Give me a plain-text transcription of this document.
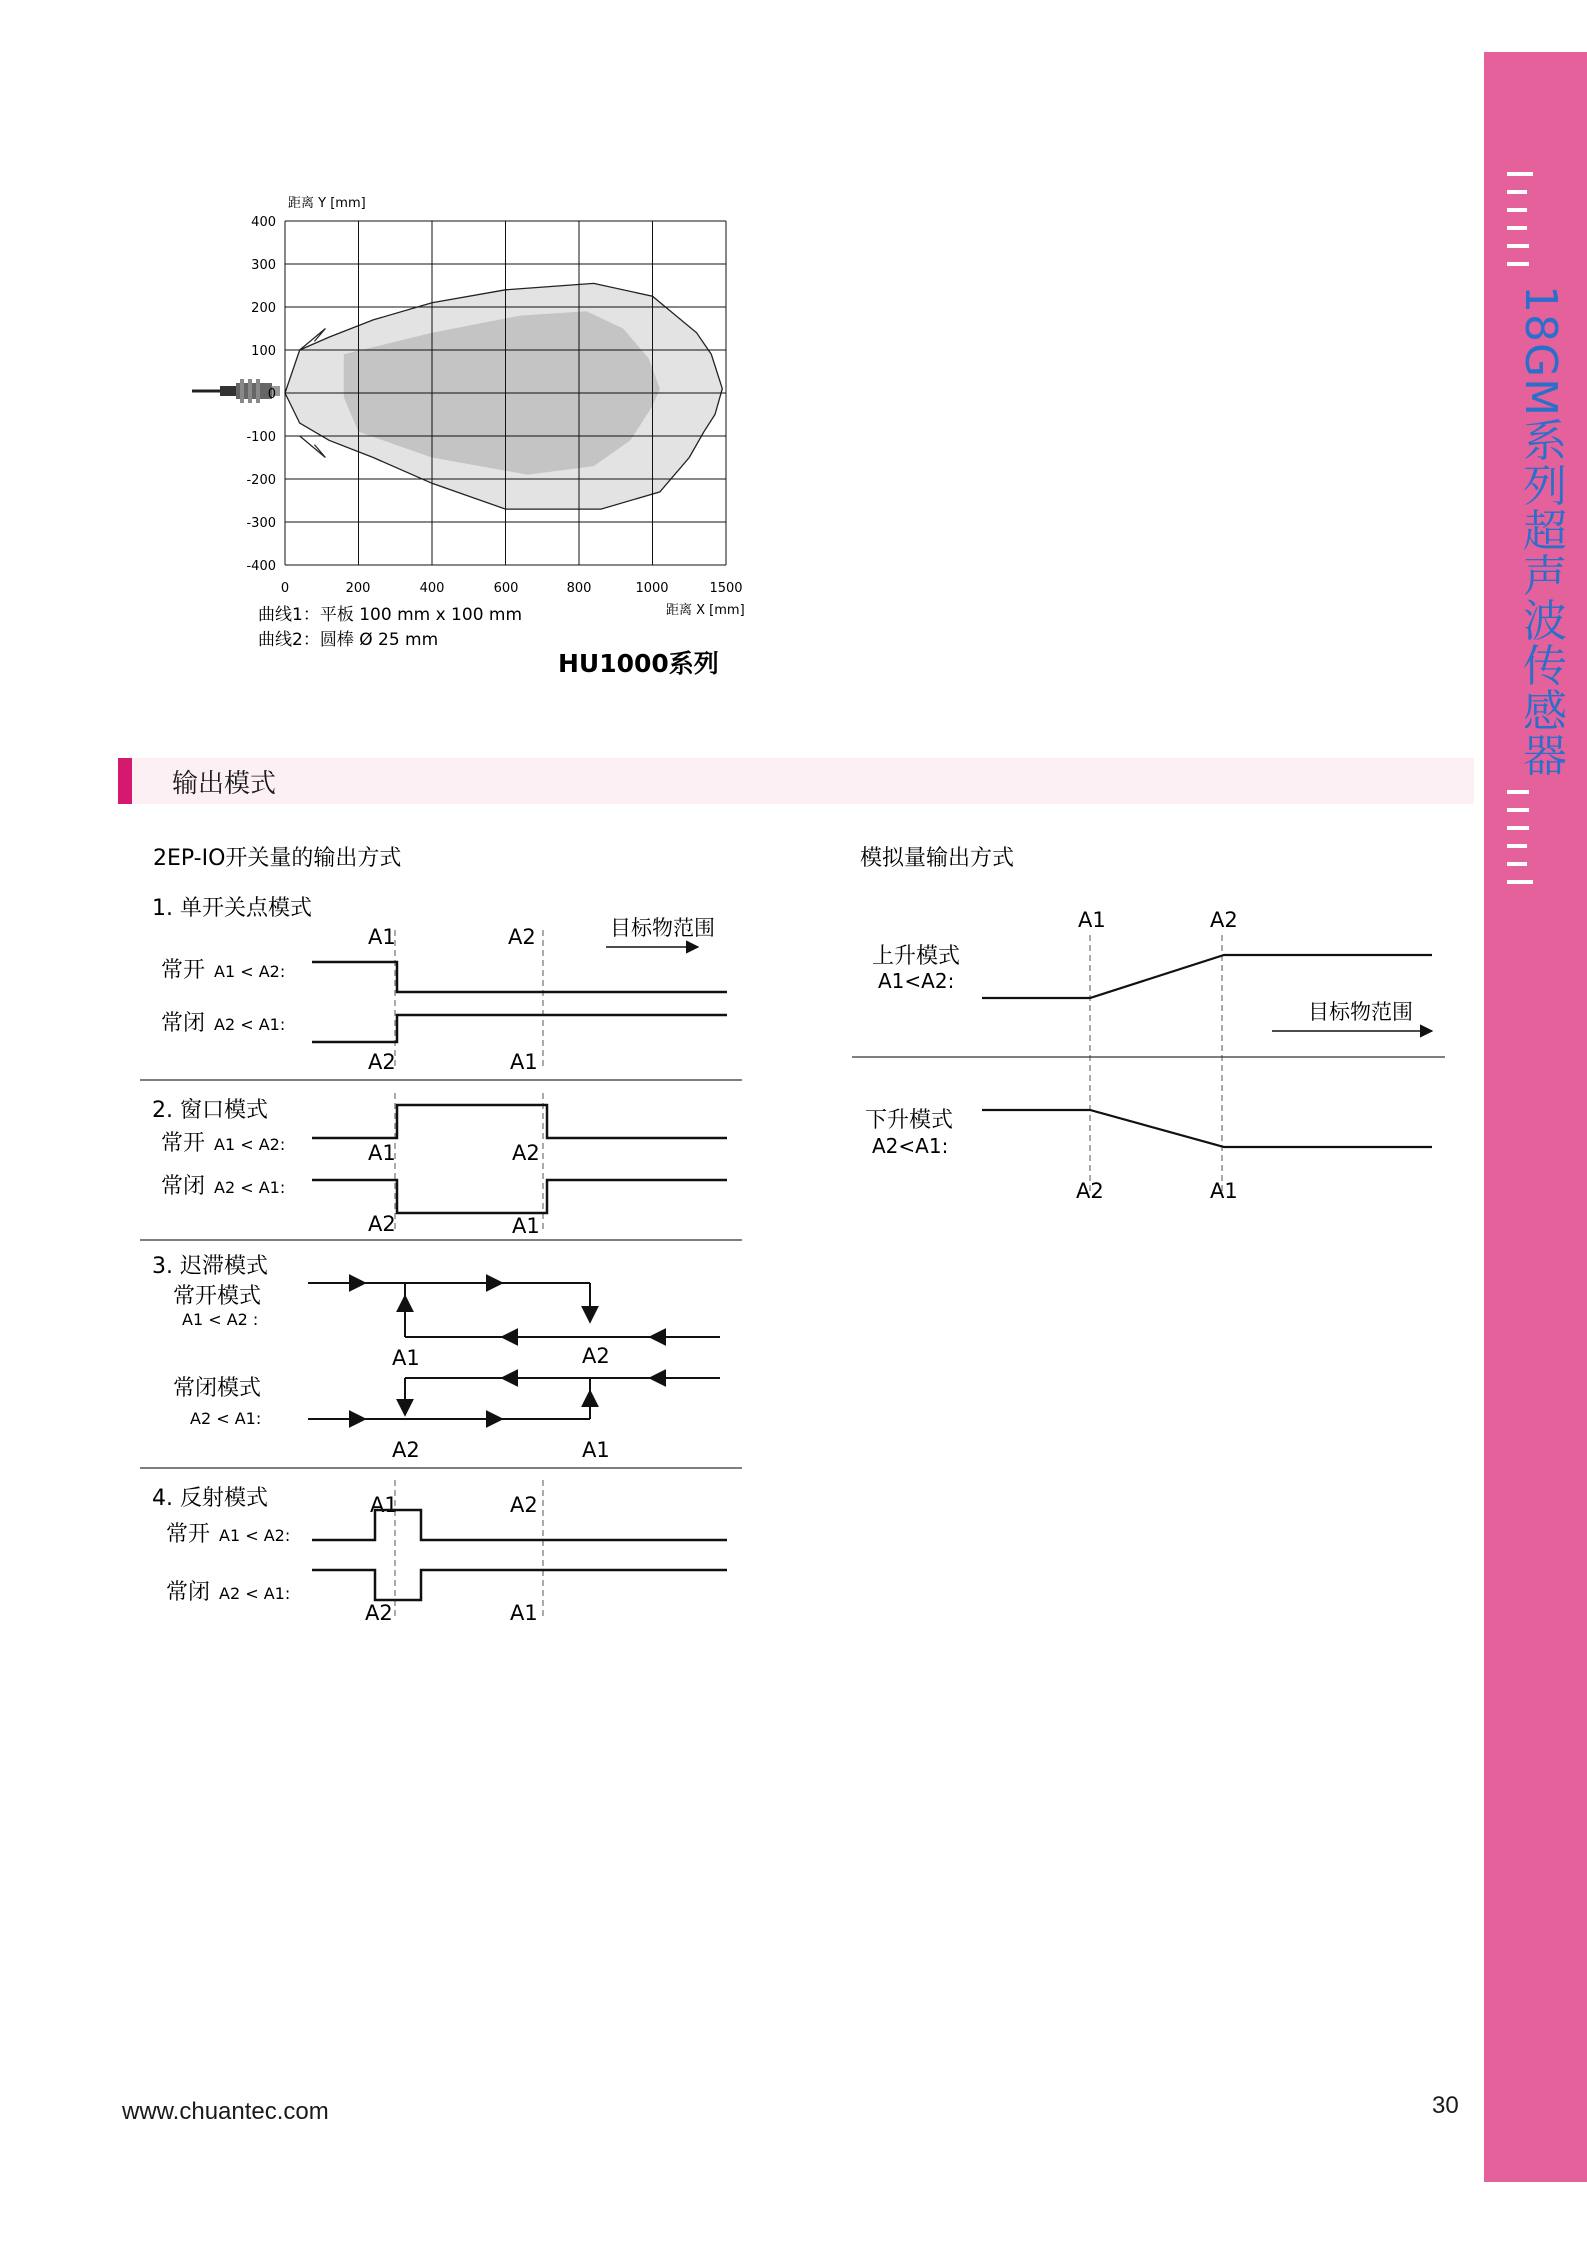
18GM系列超声波传感器
距离 Y [mm]
距离 X [mm]
400
300
200
100
0
-100
-200
-300
-400
0	200	400	600	800	1000	1500
曲线1：平板 100 mm x 100 mm
曲线2：圆棒 Ø 25 mm
HU1000系列
输出模式
2EP-IO开关量的输出方式
1. 单开关点模式
A1	A2	目标物范围
常开 A1 < A2:
常闭 A2 < A1:
A2	A1
2. 窗口模式
常开 A1 < A2:	A1	A2
常闭 A2 < A1:
A2	A1
3. 迟滞模式
常开模式
A1 < A2 :
A1	A2
常闭模式
A2 < A1:
A2	A1
4. 反射模式	A1	A2
常开 A1 < A2:
常闭 A2 < A1:
A2	A1
模拟量输出方式
A1	A2
上升模式
A1<A2:
目标物范围
下升模式
A2<A1:
A2	A1
www.chuantec.com	30
